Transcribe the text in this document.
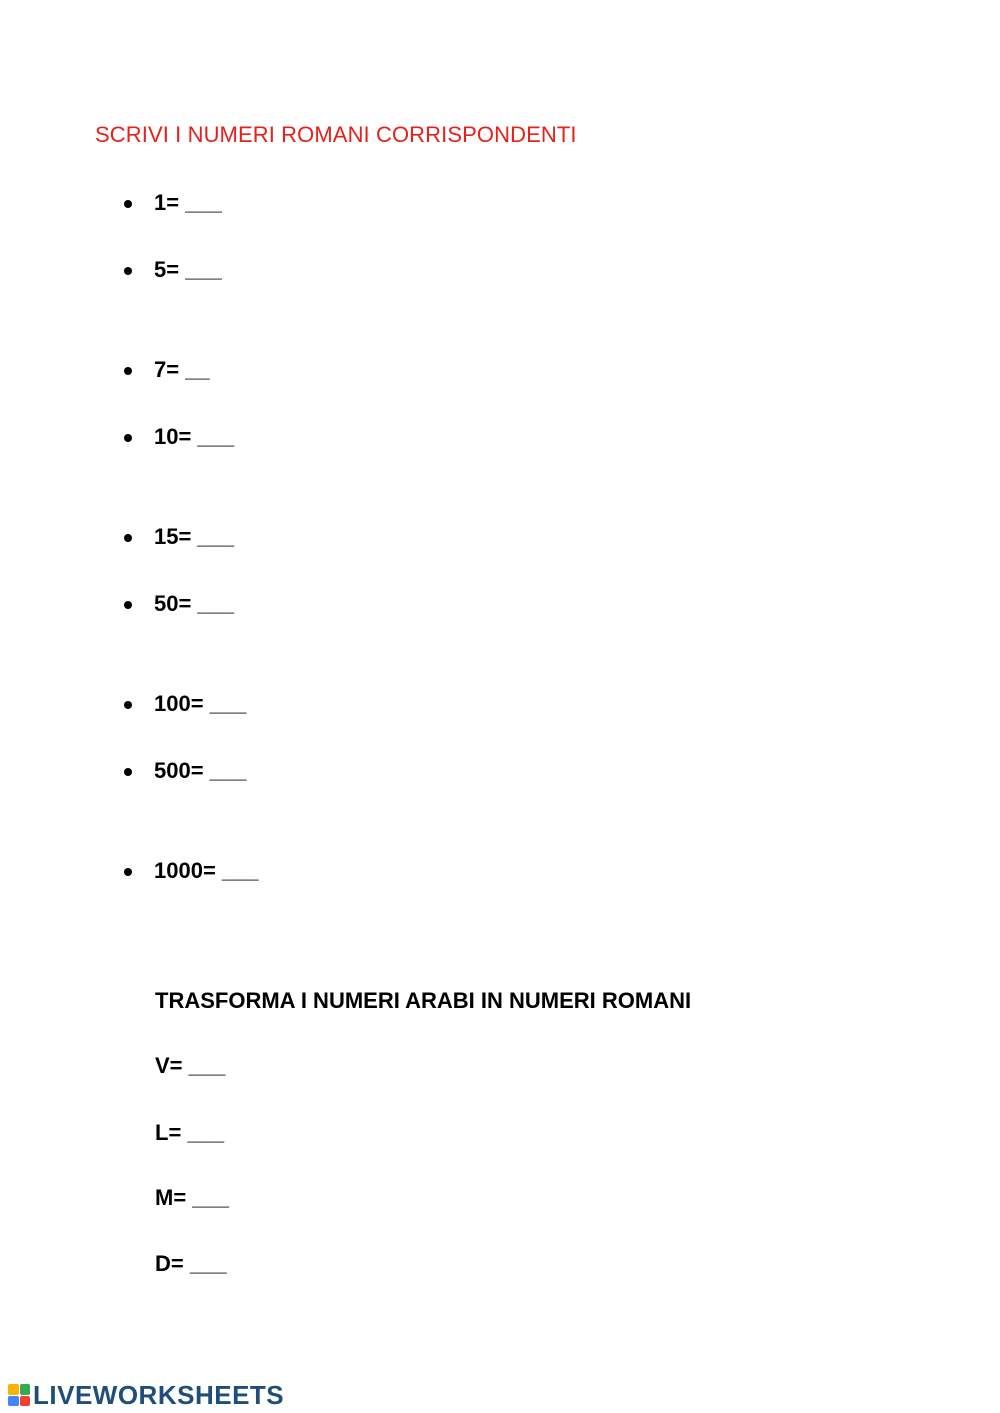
SCRIVI I NUMERI ROMANI CORRISPONDENTI
1= ___
5= ___
7= __
10= ___
15= ___
50= ___
100= ___
500= ___
1000= ___
TRASFORMA I NUMERI ARABI IN NUMERI ROMANI
V= ___
L= ___
M= ___
D= ___
LIVEWORKSHEETS
